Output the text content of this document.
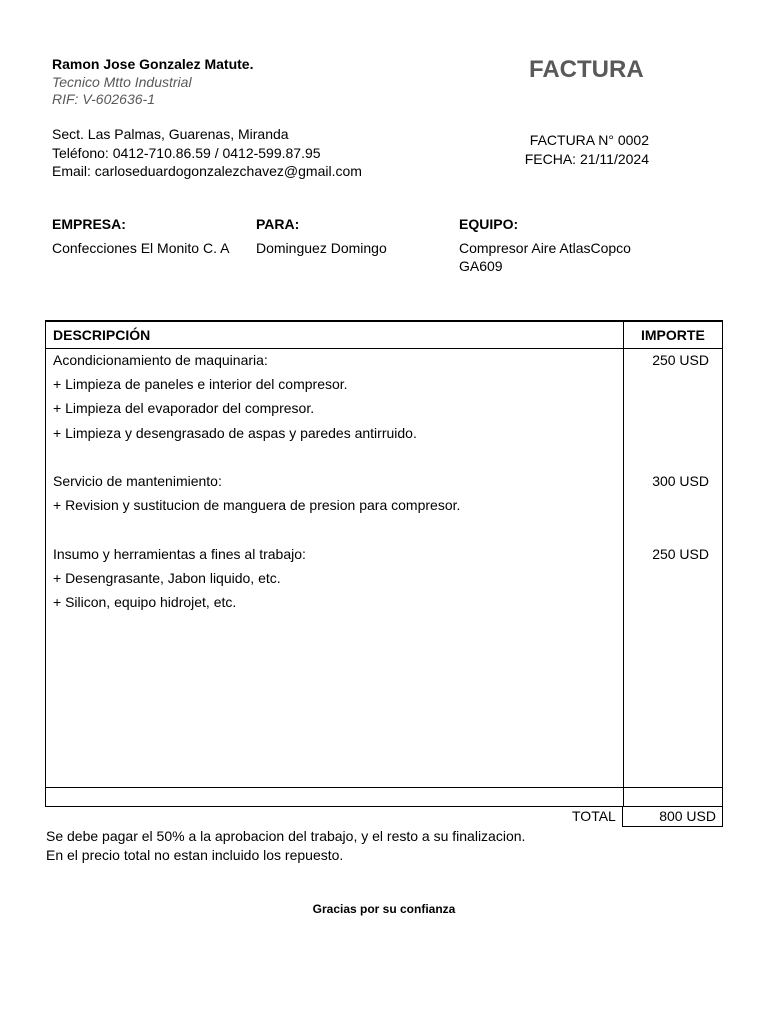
Ramon Jose Gonzalez Matute.
Tecnico Mtto Industrial
RIF: V-602636-1
Sect. Las Palmas, Guarenas, Miranda
Teléfono: 0412-710.86.59 / 0412-599.87.95
Email: carloseduardogonzalezchavez@gmail.com
FACTURA
FACTURA N° 0002
FECHA: 21/11/2024
EMPRESA:
Confecciones El Monito C. A
PARA:
Dominguez Domingo
EQUIPO:
Compresor Aire AtlasCopco GA609
DESCRIPCIÓN	IMPORTE
Acondicionamiento de maquinaria:
+ Limpieza de paneles e interior del compresor.
+ Limpieza del evaporador del compresor.
+ Limpieza y desengrasado de aspas y paredes antirruido.
Servicio de mantenimiento:
+ Revision y sustitucion de manguera de presion para compresor.
Insumo y herramientas a fines al trabajo:
+ Desengrasante, Jabon liquido, etc.
+ Silicon, equipo hidrojet, etc.
250 USD
300 USD
250 USD
TOTAL	800 USD
Se debe pagar el 50% a la aprobacion del trabajo, y el resto a su finalizacion.
En el precio total no estan incluido los repuesto.
Gracias por su confianza
